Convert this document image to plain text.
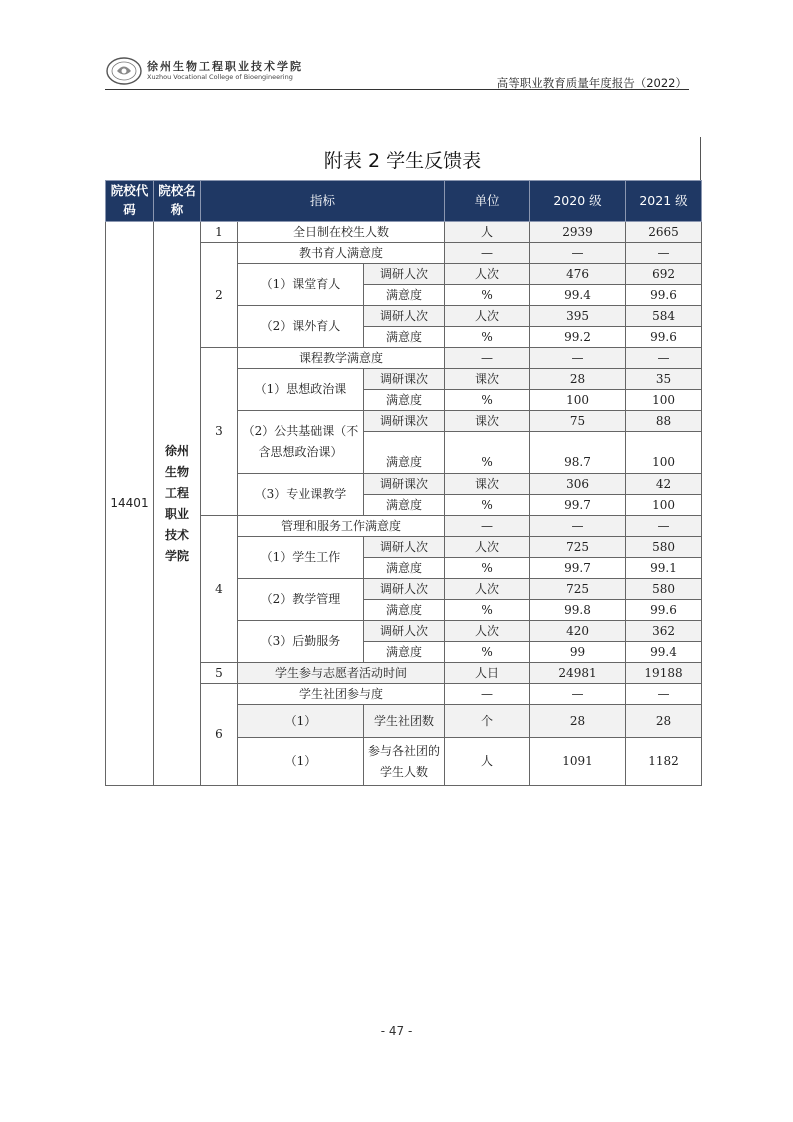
徐州生物工程职业技术学院
Xuzhou Vocational College of Bioengineering	高等职业教育质量年度报告（2022）
附表 2 学生反馈表
院校代码	院校名称	指标			单位	2020 级	2021 级
14401	徐州生物工程职业技术学院	1	全日制在校生人数		人	2939	2665
		2	教书育人满意度		—	—	—
			（1）课堂育人	调研人次	人次	476	692
				满意度	%	99.4	99.6
			（2）课外育人	调研人次	人次	395	584
				满意度	%	99.2	99.6
		3	课程教学满意度		—	—	—
			（1）思想政治课	调研课次	课次	28	35
				满意度	%	100	100
			（2）公共基础课（不含思想政治课）	调研课次	课次	75	88
				满意度	%	98.7	100
			（3）专业课教学	调研课次	课次	306	42
				满意度	%	99.7	100
		4	管理和服务工作满意度		—	—	—
			（1）学生工作	调研人次	人次	725	580
				满意度	%	99.7	99.1
			（2）教学管理	调研人次	人次	725	580
				满意度	%	99.8	99.6
			（3）后勤服务	调研人次	人次	420	362
				满意度	%	99	99.4
		5	学生参与志愿者活动时间		人日	24981	19188
		6	学生社团参与度		—	—	—
			（1）	学生社团数	个	28	28
			（1）	参与各社团的学生人数	人	1091	1182
- 47 -
